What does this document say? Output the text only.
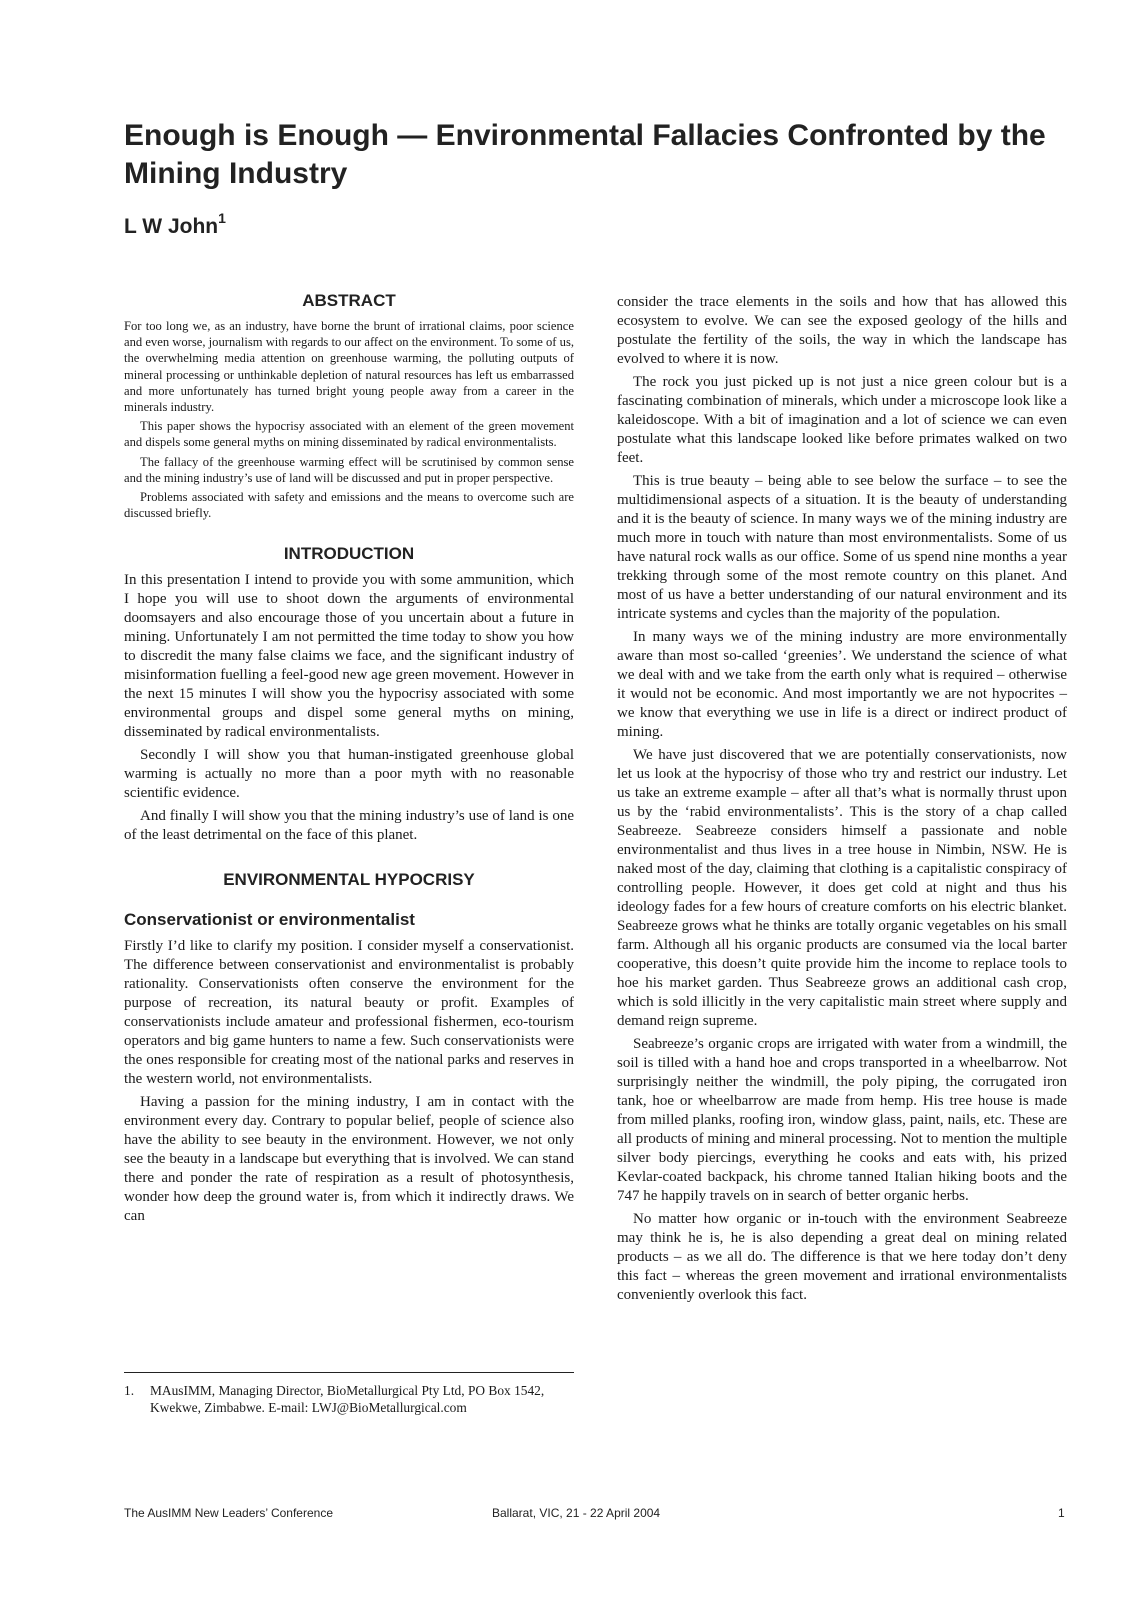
Enough is Enough — Environmental Fallacies Confronted by the Mining Industry
L W John$^1$
ABSTRACT

For too long we, as an industry, have borne the brunt of irrational claims, poor science and even worse, journalism with regards to our affect on the environment. To some of us, the overwhelming media attention on greenhouse warming, the polluting outputs of mineral processing or unthinkable depletion of natural resources has left us embarrassed and more unfortunately has turned bright young people away from a career in the minerals industry.

This paper shows the hypocrisy associated with an element of the green movement and dispels some general myths on mining disseminated by radical environmentalists.

The fallacy of the greenhouse warming effect will be scrutinised by common sense and the mining industry’s use of land will be discussed and put in proper perspective.

Problems associated with safety and emissions and the means to overcome such are discussed briefly.

INTRODUCTION

In this presentation I intend to provide you with some ammunition, which I hope you will use to shoot down the arguments of environmental doomsayers and also encourage those of you uncertain about a future in mining. Unfortunately I am not permitted the time today to show you how to discredit the many false claims we face, and the significant industry of misinformation fuelling a feel-good new age green movement. However in the next 15 minutes I will show you the hypocrisy associated with some environmental groups and dispel some general myths on mining, disseminated by radical environmentalists.

Secondly I will show you that human-instigated greenhouse global warming is actually no more than a poor myth with no reasonable scientific evidence.

And finally I will show you that the mining industry’s use of land is one of the least detrimental on the face of this planet.

ENVIRONMENTAL HYPOCRISY
Conservationist or environmentalist

Firstly I’d like to clarify my position. I consider myself a conservationist. The difference between conservationist and environmentalist is probably rationality. Conservationists often conserve the environment for the purpose of recreation, its natural beauty or profit. Examples of conservationists include amateur and professional fishermen, eco-tourism operators and big game hunters to name a few. Such conservationists were the ones responsible for creating most of the national parks and reserves in the western world, not environmentalists.

Having a passion for the mining industry, I am in contact with the environment every day. Contrary to popular belief, people of science also have the ability to see beauty in the environment. However, we not only see the beauty in a landscape but everything that is involved. We can stand there and ponder the rate of respiration as a result of photosynthesis, wonder how deep the ground water is, from which it indirectly draws. We can

consider the trace elements in the soils and how that has allowed this ecosystem to evolve. We can see the exposed geology of the hills and postulate the fertility of the soils, the way in which the landscape has evolved to where it is now.

The rock you just picked up is not just a nice green colour but is a fascinating combination of minerals, which under a microscope look like a kaleidoscope. With a bit of imagination and a lot of science we can even postulate what this landscape looked like before primates walked on two feet.

This is true beauty – being able to see below the surface – to see the multidimensional aspects of a situation. It is the beauty of understanding and it is the beauty of science. In many ways we of the mining industry are much more in touch with nature than most environmentalists. Some of us have natural rock walls as our office. Some of us spend nine months a year trekking through some of the most remote country on this planet. And most of us have a better understanding of our natural environment and its intricate systems and cycles than the majority of the population.

In many ways we of the mining industry are more environmentally aware than most so-called ‘greenies’. We understand the science of what we deal with and we take from the earth only what is required – otherwise it would not be economic. And most importantly we are not hypocrites – we know that everything we use in life is a direct or indirect product of mining.

We have just discovered that we are potentially conservationists, now let us look at the hypocrisy of those who try and restrict our industry. Let us take an extreme example – after all that’s what is normally thrust upon us by the ‘rabid environmentalists’. This is the story of a chap called Seabreeze. Seabreeze considers himself a passionate and noble environmentalist and thus lives in a tree house in Nimbin, NSW. He is naked most of the day, claiming that clothing is a capitalistic conspiracy of controlling people. However, it does get cold at night and thus his ideology fades for a few hours of creature comforts on his electric blanket. Seabreeze grows what he thinks are totally organic vegetables on his small farm. Although all his organic products are consumed via the local barter cooperative, this doesn’t quite provide him the income to replace tools to hoe his market garden. Thus Seabreeze grows an additional cash crop, which is sold illicitly in the very capitalistic main street where supply and demand reign supreme.

Seabreeze’s organic crops are irrigated with water from a windmill, the soil is tilled with a hand hoe and crops transported in a wheelbarrow. Not surprisingly neither the windmill, the poly piping, the corrugated iron tank, hoe or wheelbarrow are made from hemp. His tree house is made from milled planks, roofing iron, window glass, paint, nails, etc. These are all products of mining and mineral processing. Not to mention the multiple silver body piercings, everything he cooks and eats with, his prized Kevlar-coated backpack, his chrome tanned Italian hiking boots and the 747 he happily travels on in search of better organic herbs.

No matter how organic or in-touch with the environment Seabreeze may think he is, he is also depending a great deal on mining related products – as we all do. The difference is that we here today don’t deny this fact – whereas the green movement and irrational environmentalists conveniently overlook this fact.

1.	MAusIMM, Managing Director, BioMetallurgical Pty Ltd, PO Box 1542, Kwekwe, Zimbabwe. E-mail: LWJ@BioMetallurgical.com
The AusIMM New Leaders’ Conference	Ballarat, VIC, 21 - 22 April 2004	1
